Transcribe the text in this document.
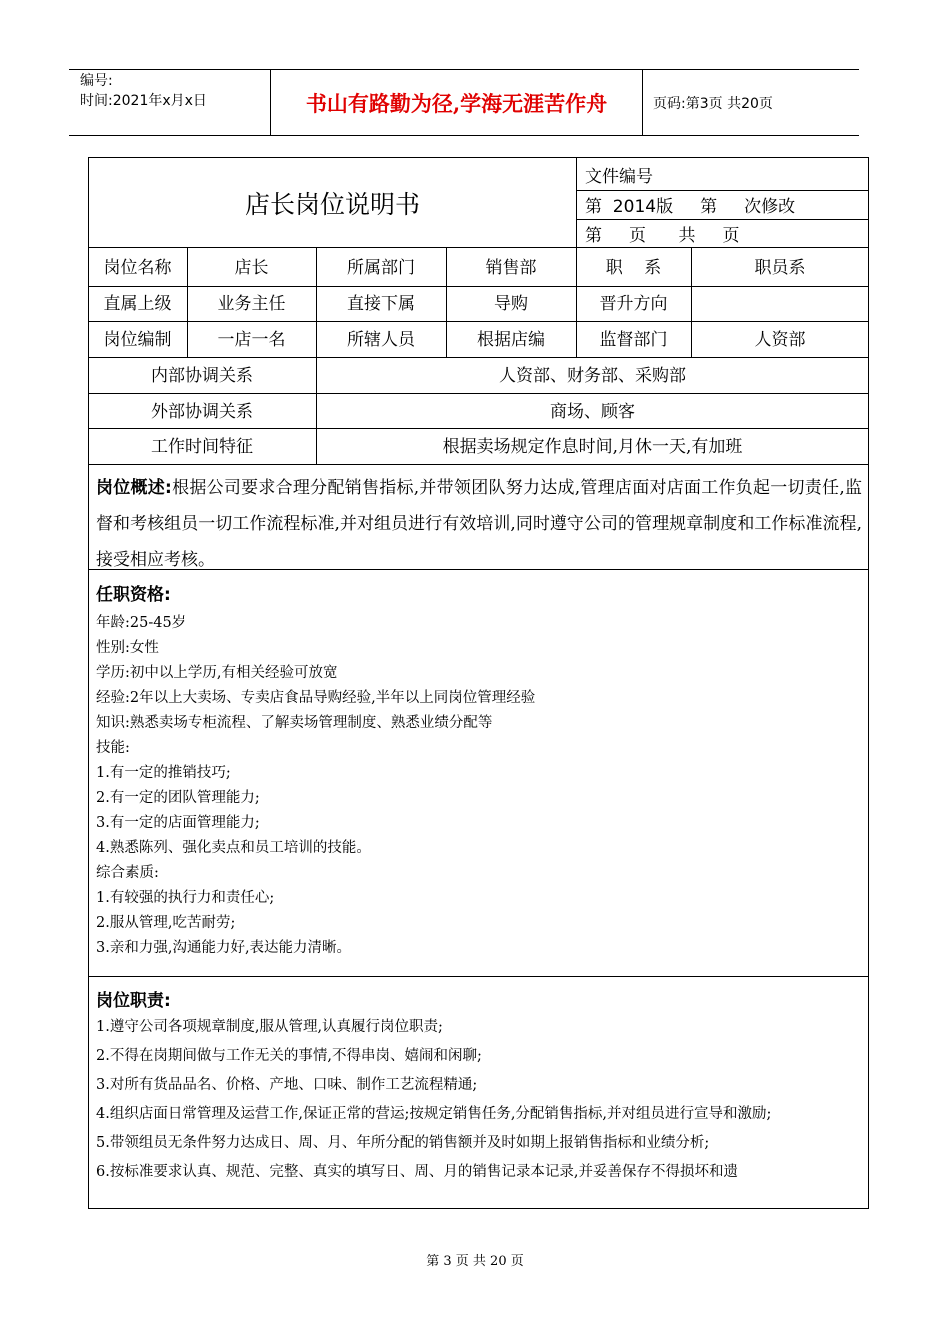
编号:
时间:2021年x月x日	书山有路勤为径,学海无涯苦作舟	页码:第3页 共20页
店长岗位说明书
文件编号
第  2014版     第     次修改
第     页      共     页
岗位名称	店长	所属部门	销售部	职    系	职员系
直属上级	业务主任	直接下属	导购	晋升方向
岗位编制	一店一名	所辖人员	根据店编	监督部门	人资部
内部协调关系	人资部、财务部、采购部
外部协调关系	商场、顾客
工作时间特征	根据卖场规定作息时间,月休一天,有加班
岗位概述:根据公司要求合理分配销售指标,并带领团队努力达成,管理店面对店面工作负起一切责任,监督和考核组员一切工作流程标准,并对组员进行有效培训,同时遵守公司的管理规章制度和工作标准流程,接受相应考核。
任职资格:
年龄:25-45岁
性别:女性
学历:初中以上学历,有相关经验可放宽
经验:2年以上大卖场、专卖店食品导购经验,半年以上同岗位管理经验
知识:熟悉卖场专柜流程、了解卖场管理制度、熟悉业绩分配等
技能:
1.有一定的推销技巧;
2.有一定的团队管理能力;
3.有一定的店面管理能力;
4.熟悉陈列、强化卖点和员工培训的技能。
综合素质:
1.有较强的执行力和责任心;
2.服从管理,吃苦耐劳;
3.亲和力强,沟通能力好,表达能力清晰。
岗位职责:
1.遵守公司各项规章制度,服从管理,认真履行岗位职责;
2.不得在岗期间做与工作无关的事情,不得串岗、嬉闹和闲聊;
3.对所有货品品名、价格、产地、口味、制作工艺流程精通;
4.组织店面日常管理及运营工作,保证正常的营运;按规定销售任务,分配销售指标,并对组员进行宣导和激励;
5.带领组员无条件努力达成日、周、月、年所分配的销售额并及时如期上报销售指标和业绩分析;
6.按标准要求认真、规范、完整、真实的填写日、周、月的销售记录本记录,并妥善保存不得损坏和遗
第 3 页 共 20 页
